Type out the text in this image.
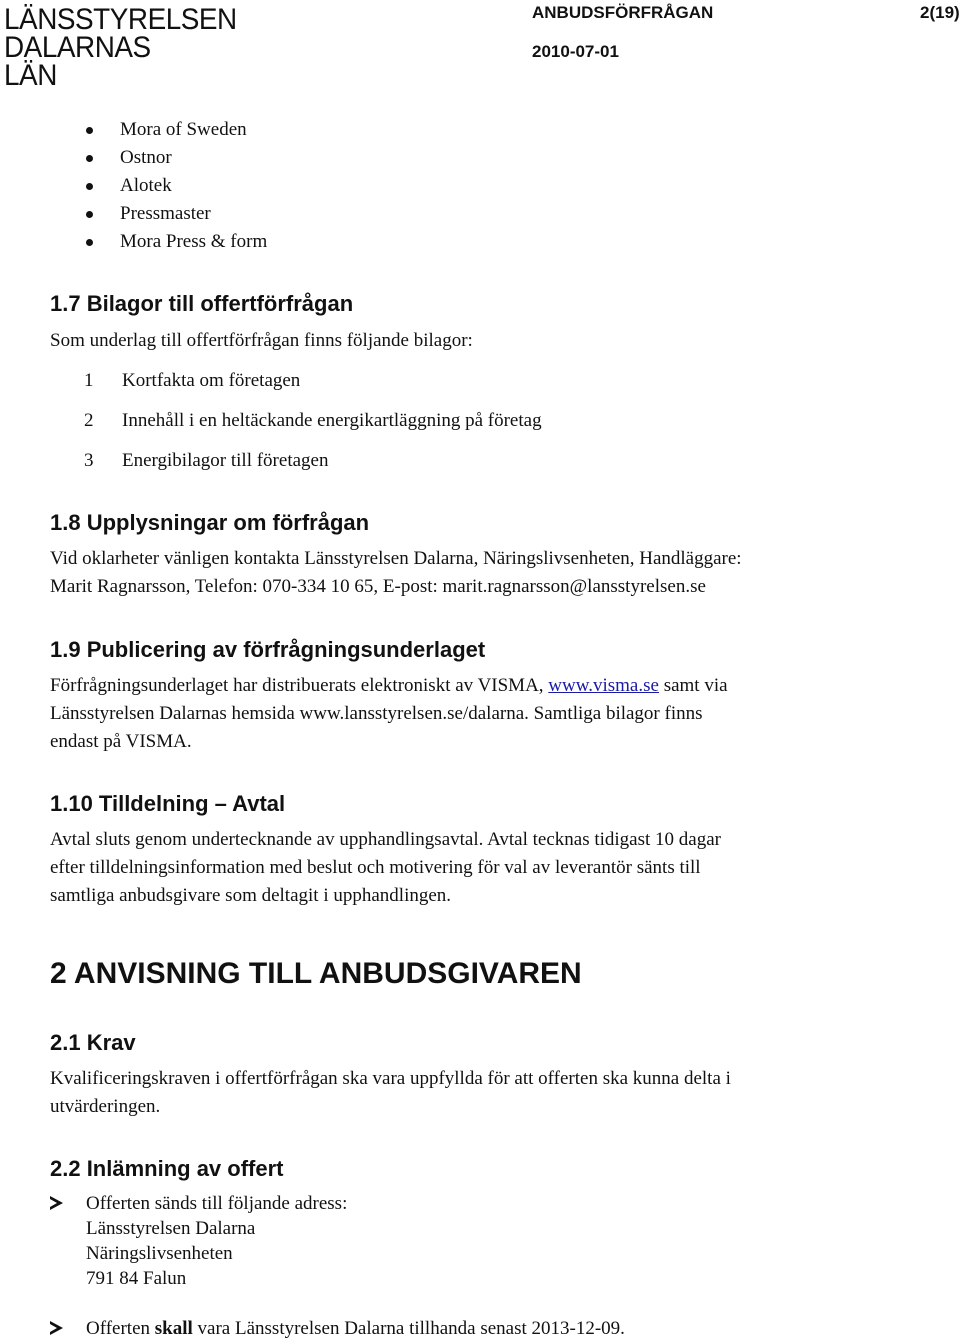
LÄNSSTYRELSEN
DALARNAS LÄN
ANBUDSFÖRFRÅGAN	2(19)
2010-07-01
Mora of Sweden
Ostnor
Alotek
Pressmaster
Mora Press & form
1.7 Bilagor till offertförfrågan
Som underlag till offertförfrågan finns följande bilagor:
1 Kortfakta om företagen
2 Innehåll i en heltäckande energikartläggning på företag
3 Energibilagor till företagen
1.8 Upplysningar om förfrågan
Vid oklarheter vänligen kontakta Länsstyrelsen Dalarna, Näringslivsenheten, Handläggare:
Marit Ragnarsson, Telefon: 070-334 10 65, E-post: marit.ragnarsson@lansstyrelsen.se
1.9 Publicering av förfrågningsunderlaget
Förfrågningsunderlaget har distribuerats elektroniskt av VISMA, www.visma.se samt via
Länsstyrelsen Dalarnas hemsida www.lansstyrelsen.se/dalarna. Samtliga bilagor finns
endast på VISMA.
1.10 Tilldelning – Avtal
Avtal sluts genom undertecknande av upphandlingsavtal. Avtal tecknas tidigast 10 dagar
efter tilldelningsinformation med beslut och motivering för val av leverantör sänts till
samtliga anbudsgivare som deltagit i upphandlingen.
2 ANVISNING TILL ANBUDSGIVAREN
2.1 Krav
Kvalificeringskraven i offertförfrågan ska vara uppfyllda för att offerten ska kunna delta i
utvärderingen.
2.2 Inlämning av offert
Offerten sänds till följande adress:
Länsstyrelsen Dalarna
Näringslivsenheten
791 84 Falun
Offerten skall vara Länsstyrelsen Dalarna tillhanda senast 2013-12-09.
